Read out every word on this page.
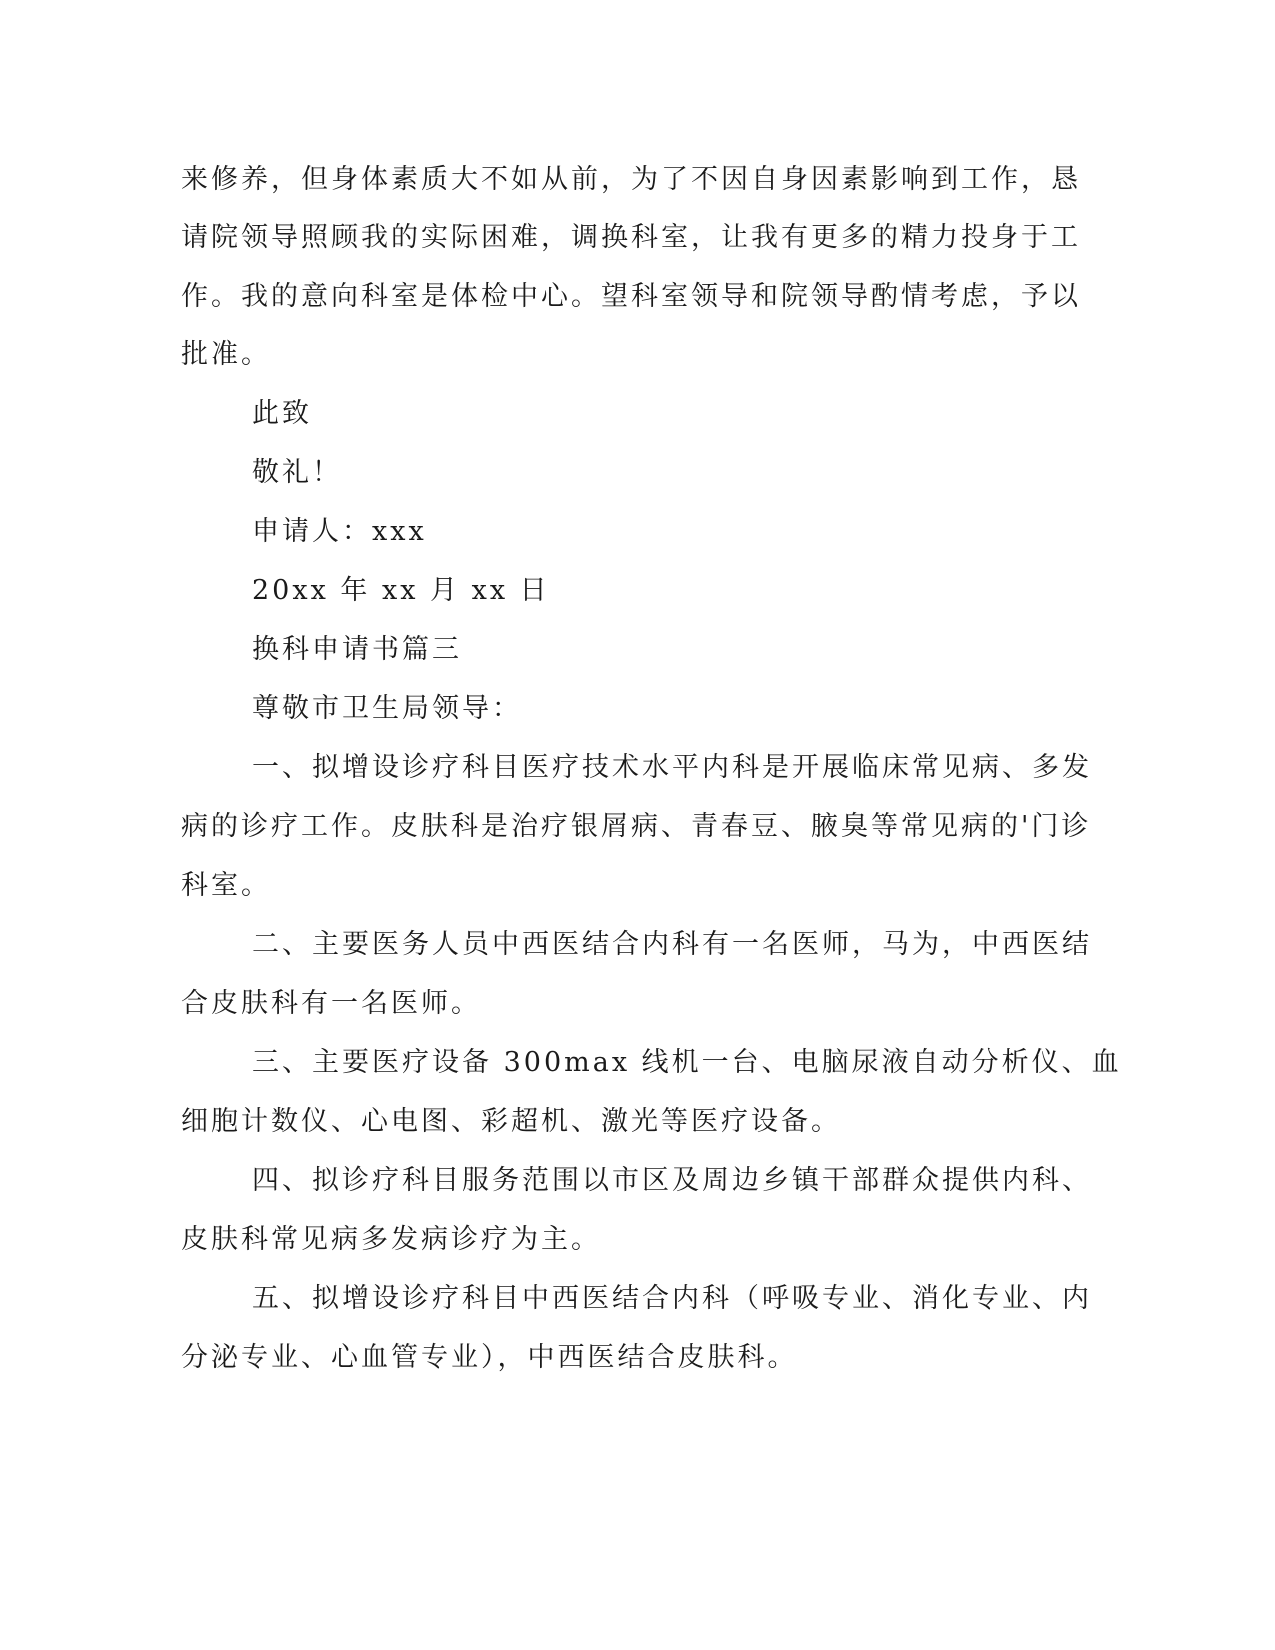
来修养，但身体素质大不如从前，为了不因自身因素影响到工作，恳
请院领导照顾我的实际困难，调换科室，让我有更多的精力投身于工
作。我的意向科室是体检中心。望科室领导和院领导酌情考虑，予以
批准。
此致
敬礼！
申请人：xxx
20xx 年 xx 月 xx 日
换科申请书篇三
尊敬市卫生局领导：
一、拟增设诊疗科目医疗技术水平内科是开展临床常见病、多发
病的诊疗工作。皮肤科是治疗银屑病、青春豆、腋臭等常见病的'门诊
科室。
二、主要医务人员中西医结合内科有一名医师，马为，中西医结
合皮肤科有一名医师。
三、主要医疗设备 300max 线机一台、电脑尿液自动分析仪、血
细胞计数仪、心电图、彩超机、激光等医疗设备。
四、拟诊疗科目服务范围以市区及周边乡镇干部群众提供内科、
皮肤科常见病多发病诊疗为主。
五、拟增设诊疗科目中西医结合内科（呼吸专业、消化专业、内
分泌专业、心血管专业），中西医结合皮肤科。
